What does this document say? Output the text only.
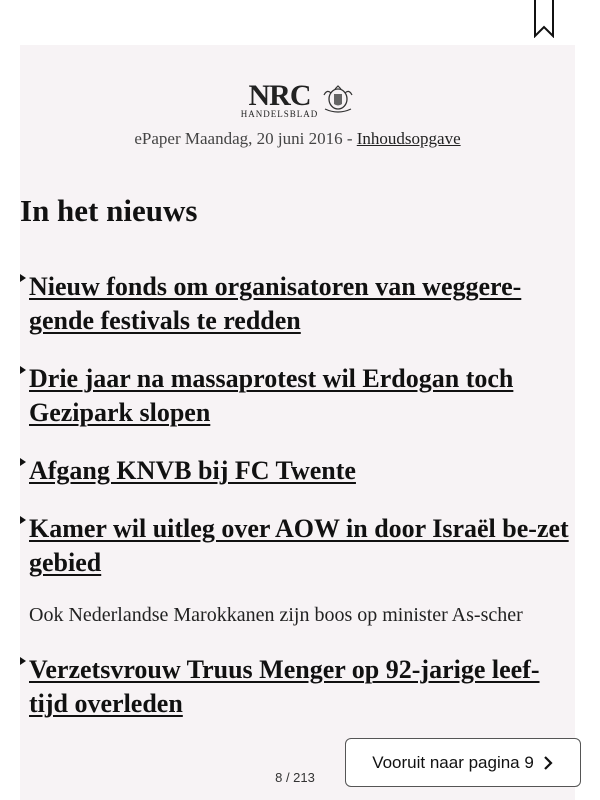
NRC
HANDELSBLAD
ePaper Maandag, 20 juni 2016 - Inhoudsopgave
In het nieuws
Nieuw fonds om organisatoren van weggere-gende festivals te redden
Drie jaar na massaprotest wil Erdogan toch Gezipark slopen
Afgang KNVB bij FC Twente
Kamer wil uitleg over AOW in door Israël be-zet gebied

Ook Nederlandse Marokkanen zijn boos op minister As-scher

Verzetsvrouw Truus Menger op 92-jarige leef-tijd overleden
8 / 213
Vooruit naar pagina 9
